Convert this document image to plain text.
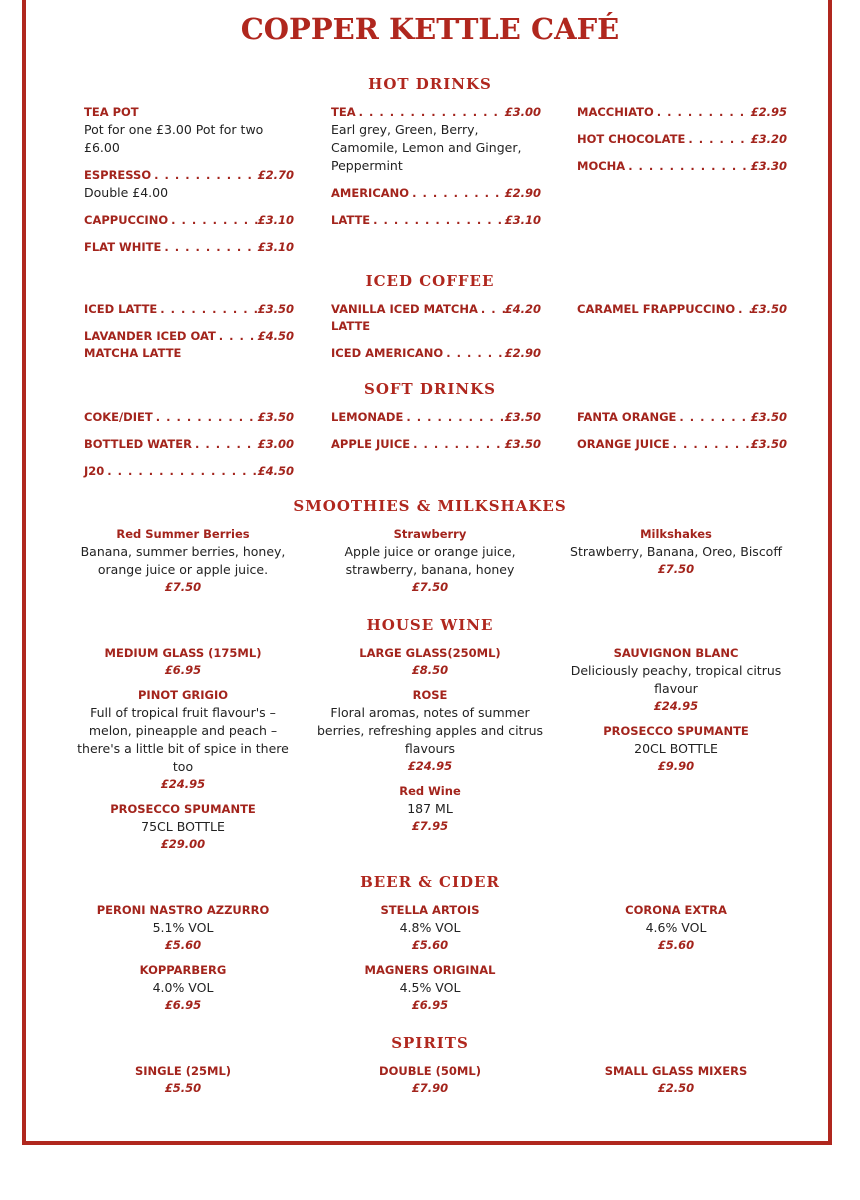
COPPER KETTLE CAFÉ
HOT DRINKS
TEA POT
Pot for one £3.00 Pot for two £6.00
ESPRESSO . . .	£2.70
Double £4.00
CAPPUCCINO . . .	£3.10
FLAT WHITE . . .	£3.10
TEA . . .	£3.00
Earl grey, Green, Berry, Camomile, Lemon and Ginger, Peppermint
AMERICANO . . .	£2.90
LATTE . . .	£3.10
MACCHIATO . . .	£2.95
HOT CHOCOLATE . . .	£3.20
MOCHA . . .	£3.30
ICED COFFEE
ICED LATTE . . .	£3.50
LAVANDER ICED OAT . . .	£4.50
MATCHA LATTE
VANILLA ICED MATCHA . . . £4.20
LATTE
ICED AMERICANO . . .	£2.90
CARAMEL FRAPPUCCINO . . . £3.50
SOFT DRINKS
COKE/DIET . . .	£3.50
BOTTLED WATER . . .	£3.00
J20 . . .	£4.50
LEMONADE . . .	£3.50
APPLE JUICE . . .	£3.50
FANTA ORANGE . . .	£3.50
ORANGE JUICE . . .	£3.50
SMOOTHIES & MILKSHAKES
Red Summer Berries
Banana, summer berries, honey, orange juice or apple juice.
£7.50
Strawberry
Apple juice or orange juice, strawberry, banana, honey
£7.50
Milkshakes
Strawberry, Banana, Oreo, Biscoff
£7.50
HOUSE WINE
MEDIUM GLASS (175ML)
£6.95
PINOT GRIGIO
Full of tropical fruit flavour's – melon, pineapple and peach – there's a little bit of spice in there too
£24.95
PROSECCO SPUMANTE
75CL BOTTLE
£29.00
LARGE GLASS(250ML)
£8.50
ROSE
Floral aromas, notes of summer berries, refreshing apples and citrus flavours
£24.95
Red Wine
187 ML
£7.95
SAUVIGNON BLANC
Deliciously peachy, tropical citrus flavour
£24.95
PROSECCO SPUMANTE
20CL BOTTLE
£9.90
BEER & CIDER
PERONI NASTRO AZZURRO
5.1% VOL
£5.60
KOPPARBERG
4.0% VOL
£6.95
STELLA ARTOIS
4.8% VOL
£5.60
MAGNERS ORIGINAL
4.5% VOL
£6.95
CORONA EXTRA
4.6% VOL
£5.60
SPIRITS
SINGLE (25ML)
£5.50
DOUBLE (50ML)
£7.90
SMALL GLASS MIXERS
£2.50
